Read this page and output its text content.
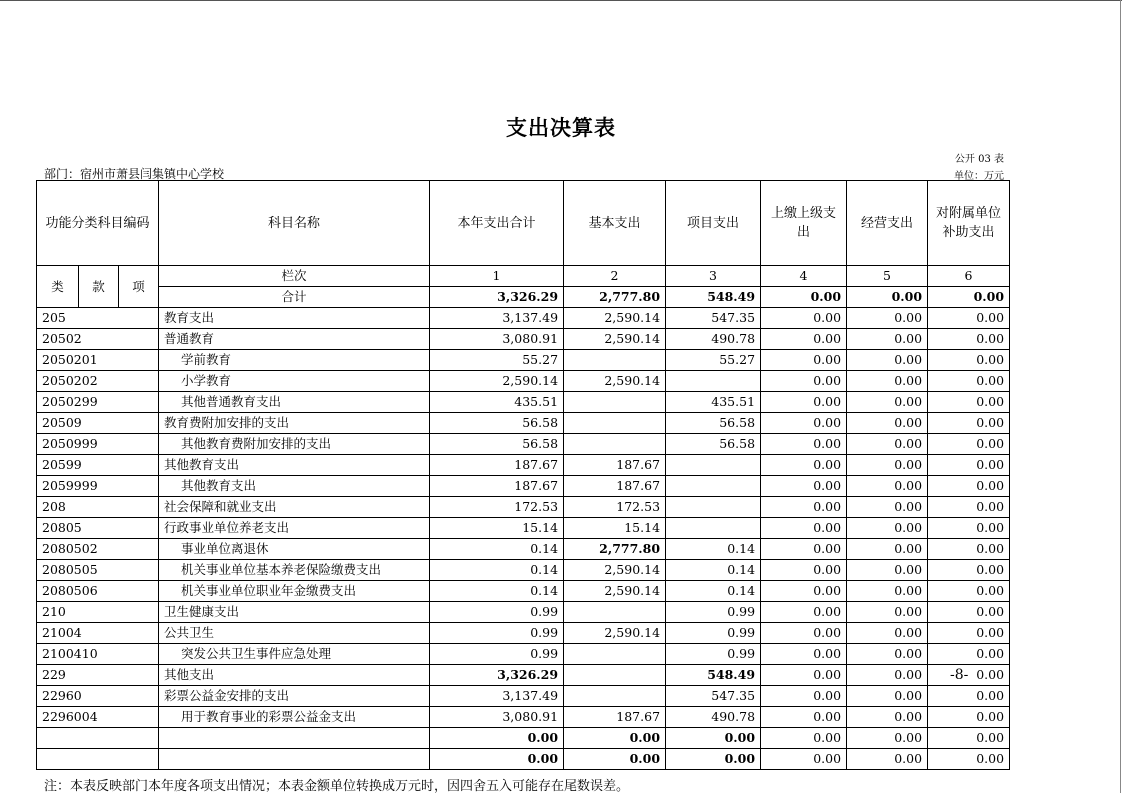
支出决算表
公开 03 表
部门：宿州市萧县闫集镇中心学校	单位：万元
功能分类科目编码			科目名称	本年支出合计	基本支出	项目支出	上缴上级支出	经营支出	对附属单位补助支出
类	款	项	栏次	1	2	3	4	5	6
			合计	3,326.29	2,777.80	548.49	0.00	0.00	0.00
205			教育支出	3,137.49	2,590.14	547.35	0.00	0.00	0.00
20502			普通教育	3,080.91	2,590.14	490.78	0.00	0.00	0.00
2050201			学前教育	55.27		55.27	0.00	0.00	0.00
2050202			小学教育	2,590.14	2,590.14		0.00	0.00	0.00
2050299			其他普通教育支出	435.51		435.51	0.00	0.00	0.00
20509			教育费附加安排的支出	56.58		56.58	0.00	0.00	0.00
2050999			其他教育费附加安排的支出	56.58		56.58	0.00	0.00	0.00
20599			其他教育支出	187.67	187.67		0.00	0.00	0.00
2059999			其他教育支出	187.67	187.67		0.00	0.00	0.00
208			社会保障和就业支出	172.53	172.53		0.00	0.00	0.00
20805			行政事业单位养老支出	15.14	15.14		0.00	0.00	0.00
2080502			事业单位离退休	0.14	2,777.80	0.14	0.00	0.00	0.00
2080505			机关事业单位基本养老保险缴费支出	0.14	2,590.14	0.14	0.00	0.00	0.00
2080506			机关事业单位职业年金缴费支出	0.14	2,590.14	0.14	0.00	0.00	0.00
210			卫生健康支出	0.99		0.99	0.00	0.00	0.00
21004			公共卫生	0.99	2,590.14	0.99	0.00	0.00	0.00
2100410			突发公共卫生事件应急处理	0.99		0.99	0.00	0.00	0.00
229			其他支出	3,326.29		548.49	0.00	0.00	0.00
22960			彩票公益金安排的支出	3,137.49		547.35	0.00	0.00	0.00
2296004			用于教育事业的彩票公益金支出	3,080.91	187.67	490.78	0.00	0.00	0.00
				0.00	0.00	0.00	0.00	0.00	0.00
				0.00	0.00	0.00	0.00	0.00	0.00
-8-
注：本表反映部门本年度各项支出情况；本表金额单位转换成万元时，因四舍五入可能存在尾数误差。
